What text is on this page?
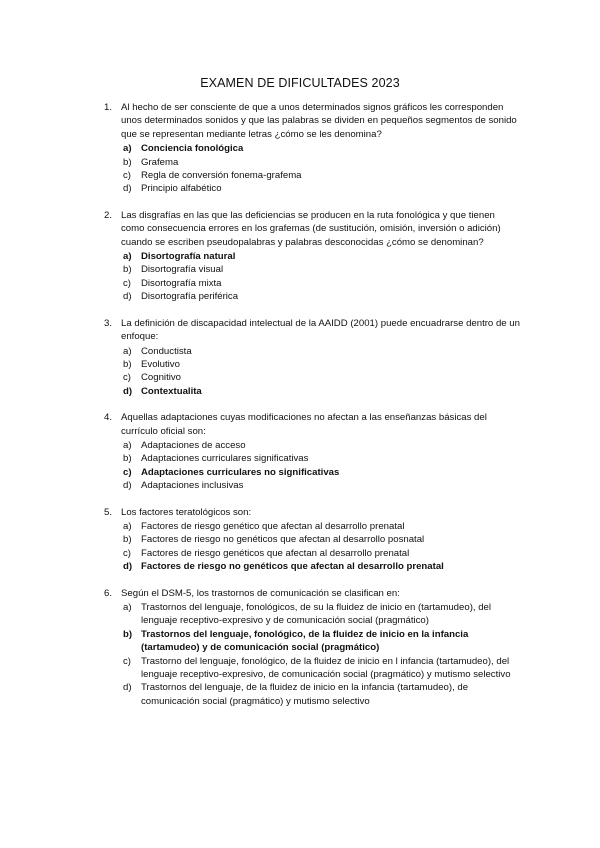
EXAMEN DE DIFICULTADES 2023
1. Al hecho de ser consciente de que a unos determinados signos gráficos les corresponden unos determinados sonidos y que las palabras se dividen en pequeños segmentos de sonido que se representan mediante letras ¿cómo se les denomina?
a) Conciencia fonológica
b) Grafema
c) Regla de conversión fonema-grafema
d) Principio alfabético
2. Las disgrafías en las que las deficiencias se producen en la ruta fonológica y que tienen como consecuencia errores en los grafemas (de sustitución, omisión, inversión o adición) cuando se escriben pseudopalabras y palabras desconocidas ¿cómo se denominan?
a) Disortografía natural
b) Disortografía visual
c) Disortografía mixta
d) Disortografía periférica
3. La definición de discapacidad intelectual de la AAIDD (2001) puede encuadrarse dentro de un enfoque:
a) Conductista
b) Evolutivo
c) Cognitivo
d) Contextualita
4. Aquellas adaptaciones cuyas modificaciones no afectan a las enseñanzas básicas del currículo oficial son:
a) Adaptaciones de acceso
b) Adaptaciones curriculares significativas
c) Adaptaciones curriculares no significativas
d) Adaptaciones inclusivas
5. Los factores teratológicos son:
a) Factores de riesgo genético que afectan al desarrollo prenatal
b) Factores de riesgo no genéticos que afectan al desarrollo posnatal
c) Factores de riesgo genéticos que afectan al desarrollo prenatal
d) Factores de riesgo no genéticos que afectan al desarrollo prenatal
6. Según el DSM-5, los trastornos de comunicación se clasifican en:
a) Trastornos del lenguaje, fonológicos, de su la fluidez de inicio en (tartamudeo), del lenguaje receptivo-expresivo y de comunicación social (pragmático)
b) Trastornos del lenguaje, fonológico, de la fluidez de inicio en la infancia (tartamudeo) y de comunicación social (pragmático)
c) Trastorno del lenguaje, fonológico, de la fluidez de inicio en l infancia (tartamudeo), del lenguaje receptivo-expresivo, de comunicación social (pragmático) y mutismo selectivo
d) Trastornos del lenguaje, de la fluidez de inicio en la infancia (tartamudeo), de comunicación social (pragmático) y mutismo selectivo
